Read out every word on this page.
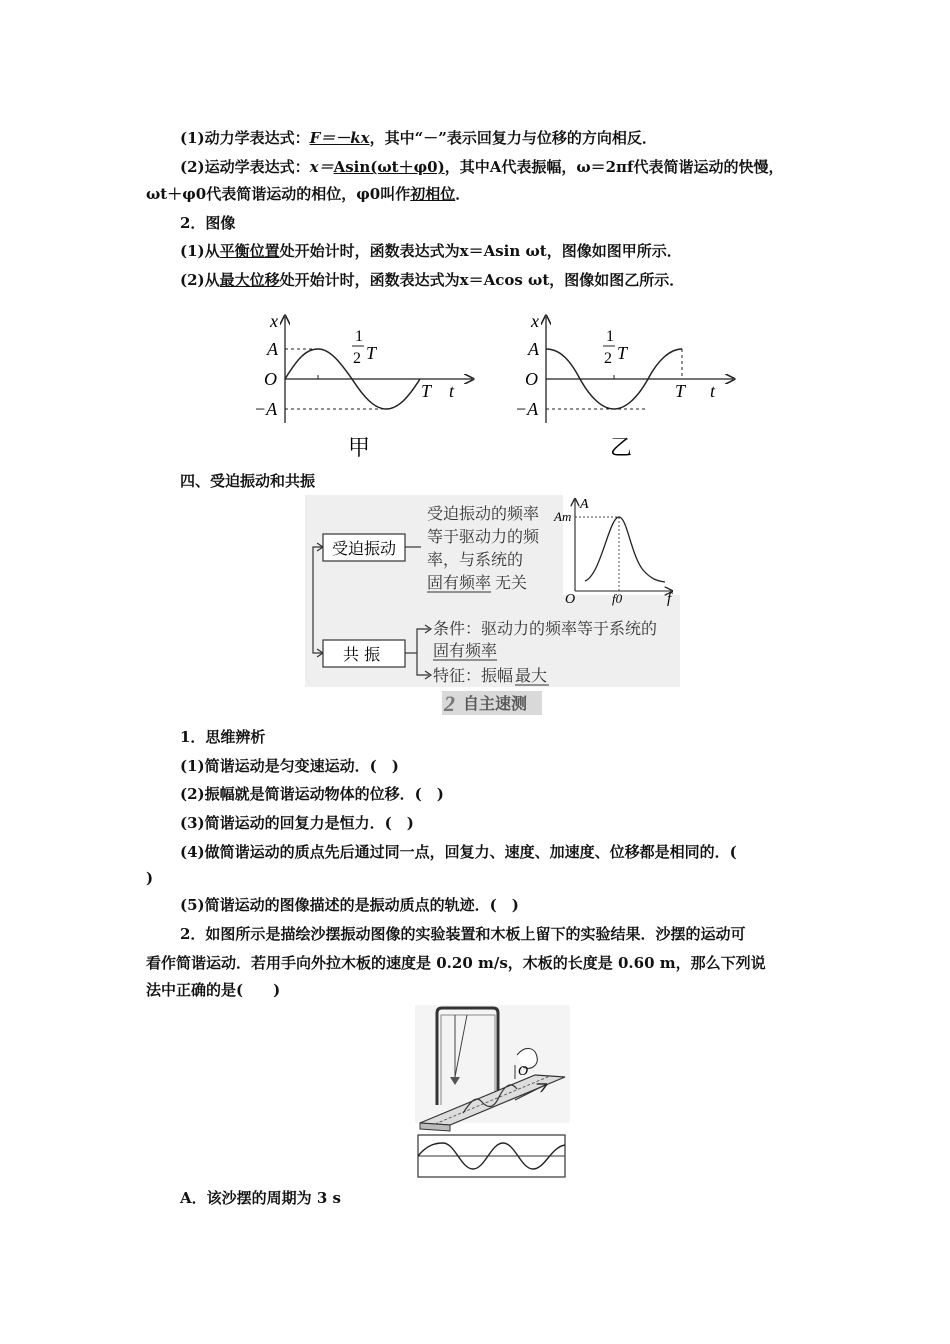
(1)动力学表达式：F＝－kx，其中“－”表示回复力与位移的方向相反．
(2)运动学表达式：x＝Asin(ωt＋φ0)，其中A代表振幅，ω＝2πf代表简谐运动的快慢，
ωt＋φ0代表简谐运动的相位，φ0叫作初相位．
2．图像
(1)从平衡位置处开始计时，函数表达式为x＝Asin ωt，图像如图甲所示．
(2)从最大位移处开始计时，函数表达式为x＝Acos ωt，图像如图乙所示．
x
A
O
−A
1
2 T
T t
甲
x
A
O
−A
1
2 T
T t
乙
四、受迫振动和共振
受迫振动
受迫振动的频率
等于驱动力的频
率，与系统的
固有频率 无关
A
Am
O	f0	f
共 振
条件：驱动力的频率等于系统的
固有频率
特征：振幅 最大
2 自主速测
1．思维辨析
(1)简谐运动是匀变速运动．(　)
(2)振幅就是简谐运动物体的位移．(　)
(3)简谐运动的回复力是恒力．(　)
(4)做简谐运动的质点先后通过同一点，回复力、速度、加速度、位移都是相同的．(
)
(5)简谐运动的图像描述的是振动质点的轨迹．(　)
2．如图所示是描绘沙摆振动图像的实验装置和木板上留下的实验结果．沙摆的运动可
看作简谐运动．若用手向外拉木板的速度是 0.20 m/s，木板的长度是 0.60 m，那么下列说
法中正确的是(　　)
O
A．该沙摆的周期为 3 s
